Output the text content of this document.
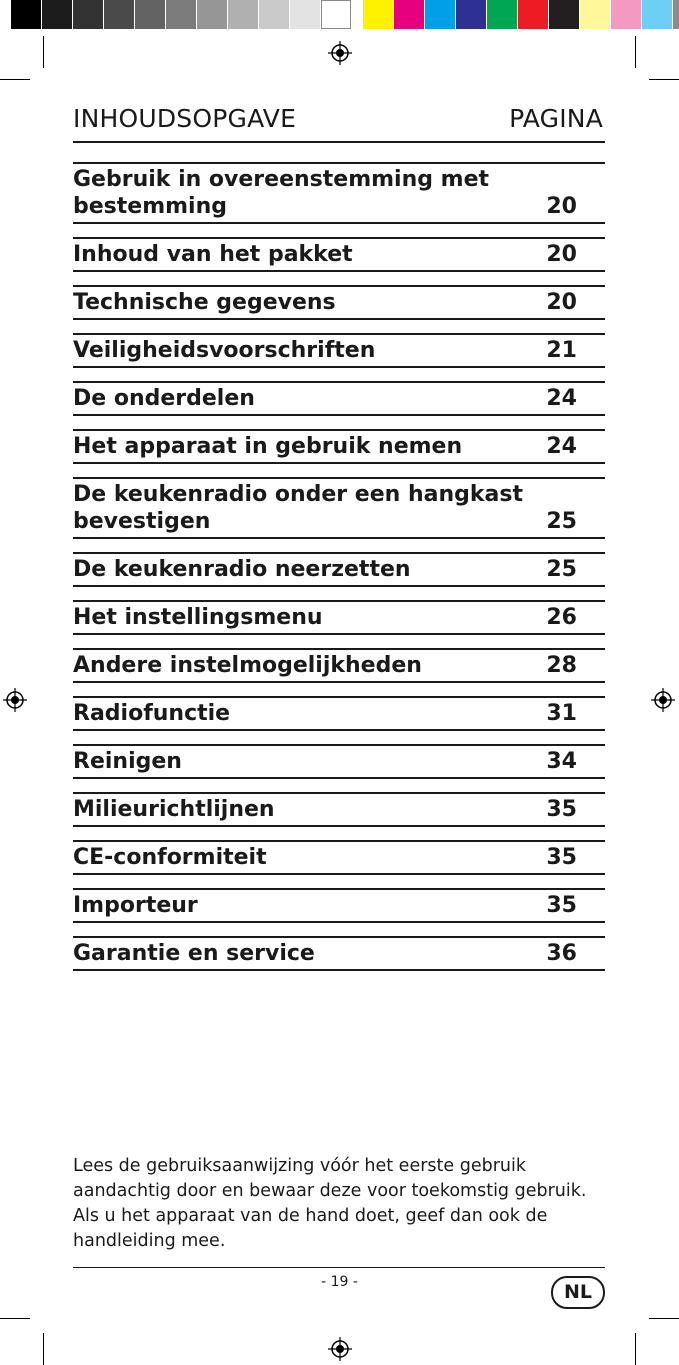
INHOUDSOPGAVE	PAGINA
Gebruik in overeenstemming met bestemming	20
Inhoud van het pakket	20
Technische gegevens	20
Veiligheidsvoorschriften	21
De onderdelen	24
Het apparaat in gebruik nemen	24
De keukenradio onder een hangkast bevestigen	25
De keukenradio neerzetten	25
Het instellingsmenu	26
Andere instelmogelijkheden	28
Radiofunctie	31
Reinigen	34
Milieurichtlijnen	35
CE-conformiteit	35
Importeur	35
Garantie en service	36

Lees de gebruiksaanwijzing vóór het eerste gebruik aandachtig door en bewaar deze voor toekomstig gebruik. Als u het apparaat van de hand doet, geef dan ook de handleiding mee.

- 19 -	NL
